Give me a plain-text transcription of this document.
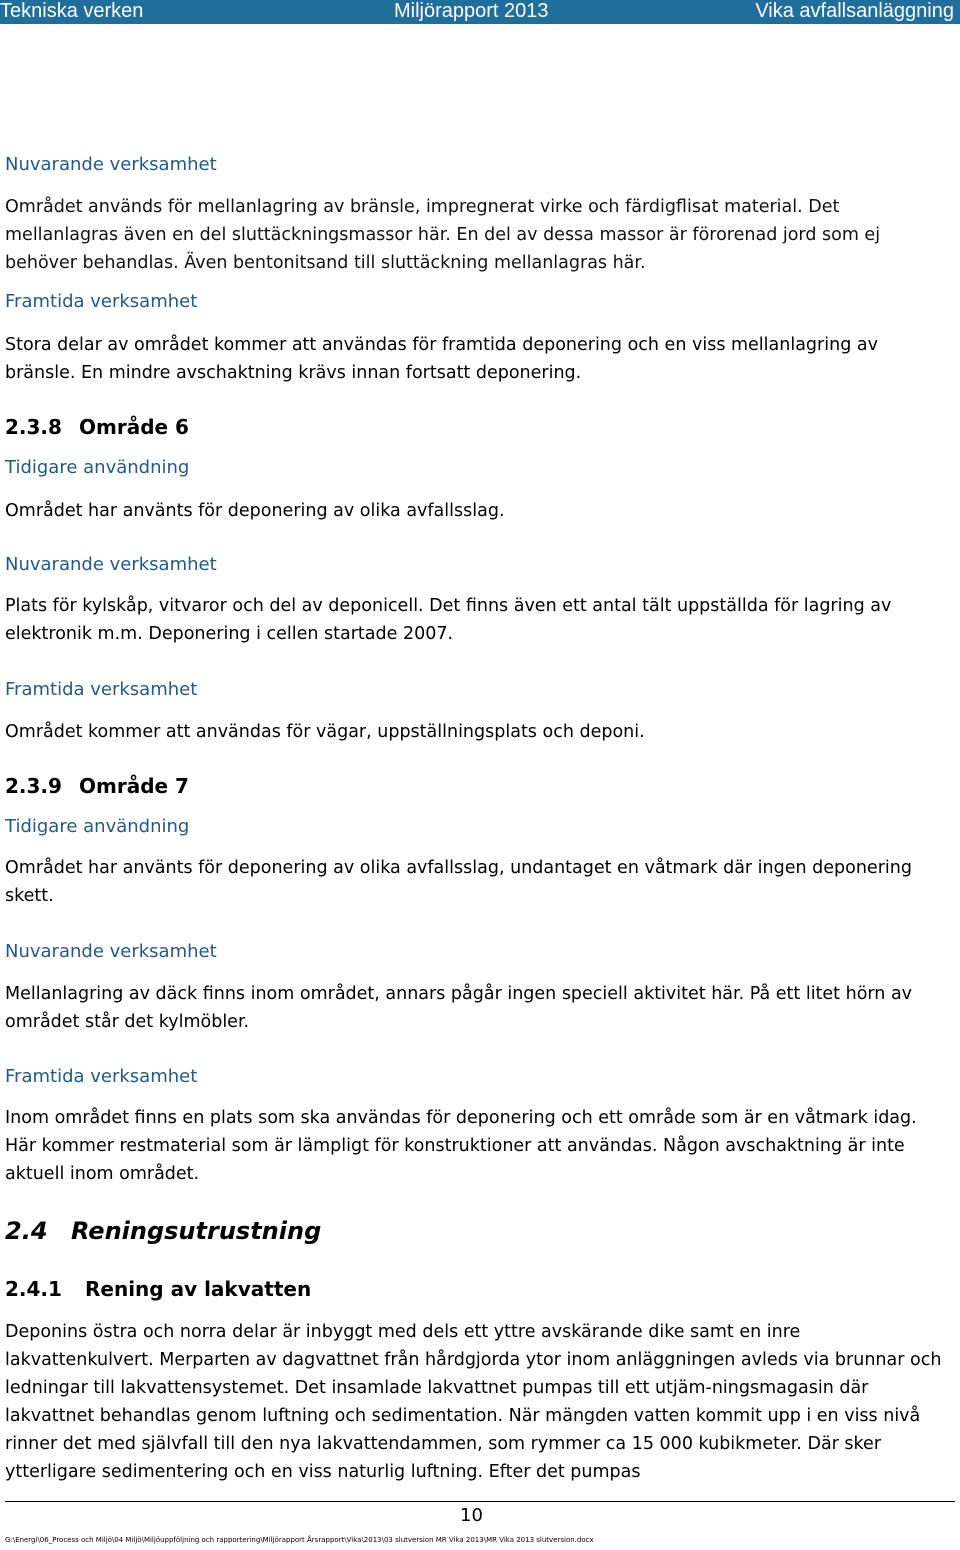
Tekniska verken	Miljörapport 2013	Vika avfallsanläggning
Nuvarande verksamhet
Området används för mellanlagring av bränsle, impregnerat virke och färdigflisat material. Det mellanlagras även en del sluttäckningsmassor här. En del av dessa massor är förorenad jord som ej behöver behandlas. Även bentonitsand till sluttäckning mellanlagras här.
Framtida verksamhet
Stora delar av området kommer att användas för framtida deponering och en viss mellanlagring av bränsle. En mindre avschaktning krävs innan fortsatt deponering.
2.3.8 Område 6
Tidigare användning
Området har använts för deponering av olika avfallsslag.
Nuvarande verksamhet
Plats för kylskåp, vitvaror och del av deponicell. Det finns även ett antal tält uppställda för lagring av elektronik m.m. Deponering i cellen startade 2007.
Framtida verksamhet
Området kommer att användas för vägar, uppställningsplats och deponi.
2.3.9 Område 7
Tidigare användning
Området har använts för deponering av olika avfallsslag, undantaget en våtmark där ingen deponering skett.
Nuvarande verksamhet
Mellanlagring av däck finns inom området, annars pågår ingen speciell aktivitet här. På ett litet hörn av området står det kylmöbler.
Framtida verksamhet
Inom området finns en plats som ska användas för deponering och ett område som är en våtmark idag. Här kommer restmaterial som är lämpligt för konstruktioner att användas. Någon avschaktning är inte aktuell inom området.
2.4 Reningsutrustning
2.4.1 Rening av lakvatten
Deponins östra och norra delar är inbyggt med dels ett yttre avskärande dike samt en inre lakvattenkulvert. Merparten av dagvattnet från hårdgjorda ytor inom anläggningen avleds via brunnar och ledningar till lakvattensystemet. Det insamlade lakvattnet pumpas till ett utjäm-ningsmagasin där lakvattnet behandlas genom luftning och sedimentation. När mängden vatten kommit upp i en viss nivå rinner det med självfall till den nya lakvattendammen, som rymmer ca 15 000 kubikmeter. Där sker ytterligare sedimentering och en viss naturlig luftning. Efter det pumpas
10
G:\Energi\06_Process och Miljö\04 Miljö\Miljöuppföljning och rapportering\Miljörapport Årsrapport\Vika\2013\03 slutversion MR Vika 2013\MR Vika 2013 slutversion.docx
